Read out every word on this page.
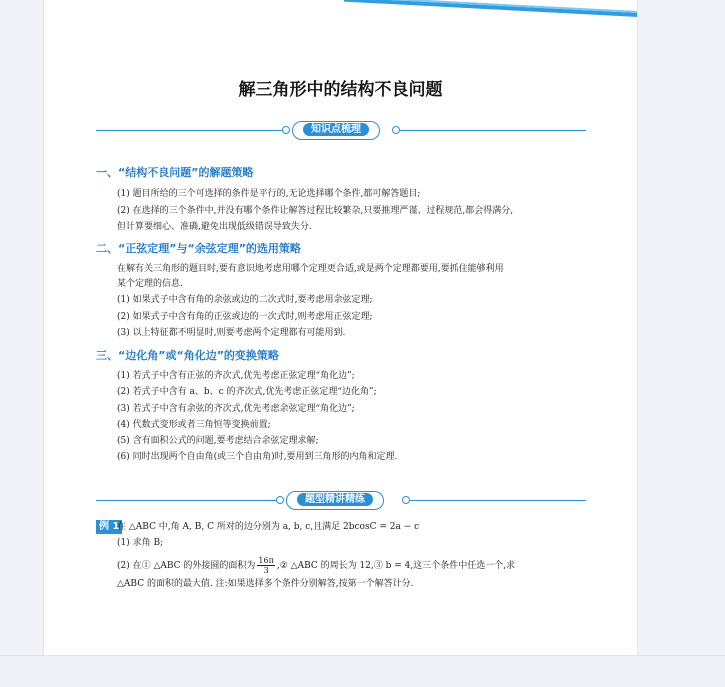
解三角形中的结构不良问题
知识点梳理
一、“结构不良问题”的解题策略
(1) 题目所给的三个可选择的条件是平行的,无论选择哪个条件,都可解答题目;
(2) 在选择的三个条件中,并没有哪个条件让解答过程比较繁杂,只要推理严谨、过程规范,都会得满分,
但计算要细心、准确,避免出现低级错误导致失分.
二、“正弦定理”与“余弦定理”的选用策略
在解有关三角形的题目时,要有意识地考虑用哪个定理更合适,或是两个定理都要用,要抓住能够利用
某个定理的信息.
(1) 如果式子中含有角的余弦或边的二次式时,要考虑用余弦定理;
(2) 如果式子中含有角的正弦或边的一次式时,则考虑用正弦定理;
(3) 以上特征都不明显时,则要考虑两个定理都有可能用到.
三、“边化角”或“角化边”的变换策略
(1) 若式子中含有正弦的齐次式,优先考虑正弦定理“角化边”;
(2) 若式子中含有 a、b、c 的齐次式,优先考虑正弦定理“边化角”;
(3) 若式子中含有余弦的齐次式,优先考虑余弦定理“角化边”;
(4) 代数式变形或者三角恒等变换前置;
(5) 含有面积公式的问题,要考虑结合余弦定理求解;
(6) 同时出现两个自由角(或三个自由角)时,要用到三角形的内角和定理.
题型精讲精练
例 1
在 △ABC 中,角 A, B, C 所对的边分别为 a, b, c,且满足 2bcosC = 2a − c
(1) 求角 B;
(2) 在① △ABC 的外接圆的面积为 $\frac{16\pi}{3}$ ,② △ABC 的周长为 12,③ b = 4,这三个条件中任选一个,求
△ABC 的面积的最大值. 注:如果选择多个条件分别解答,按第一个解答计分.
